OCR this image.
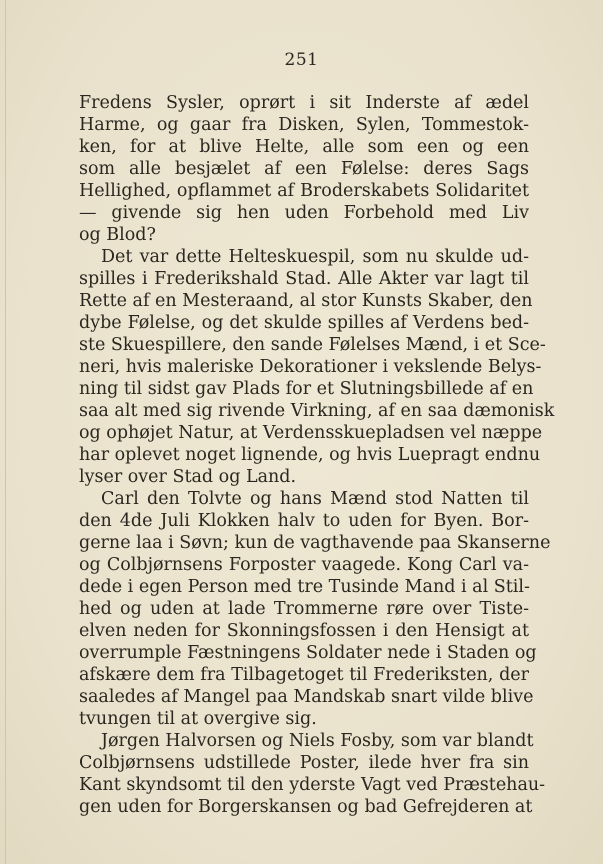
251
Fredens Sysler, oprørt i sit Inderste af ædel
Harme, og gaar fra Disken, Sylen, Tommestok-
ken, for at blive Helte, alle som een og een
som alle besjælet af een Følelse: deres Sags
Hellighed, opflammet af Broderskabets Solidaritet
— givende sig hen uden Forbehold med Liv
og Blod?
Det var dette Helteskuespil, som nu skulde ud-
spilles i Frederikshald Stad. Alle Akter var lagt til
Rette af en Mesteraand, al stor Kunsts Skaber, den
dybe Følelse, og det skulde spilles af Verdens bed-
ste Skuespillere, den sande Følelses Mænd, i et Sce-
neri, hvis maleriske Dekorationer i vekslende Belys-
ning til sidst gav Plads for et Slutningsbillede af en
saa alt med sig rivende Virkning, af en saa dæmonisk
og ophøjet Natur, at Verdensskuepladsen vel næppe
har oplevet noget lignende, og hvis Luepragt endnu
lyser over Stad og Land.
Carl den Tolvte og hans Mænd stod Natten til
den 4de Juli Klokken halv to uden for Byen. Bor-
gerne laa i Søvn; kun de vagthavende paa Skanserne
og Colbjørnsens Forposter vaagede. Kong Carl va-
dede i egen Person med tre Tusinde Mand i al Stil-
hed og uden at lade Trommerne røre over Tiste-
elven neden for Skonningsfossen i den Hensigt at
overrumple Fæstningens Soldater nede i Staden og
afskære dem fra Tilbagetoget til Frederiksten, der
saaledes af Mangel paa Mandskab snart vilde blive
tvungen til at overgive sig.
Jørgen Halvorsen og Niels Fosby, som var blandt
Colbjørnsens udstillede Poster, ilede hver fra sin
Kant skyndsomt til den yderste Vagt ved Præstehau-
gen uden for Borgerskansen og bad Gefrejderen at
